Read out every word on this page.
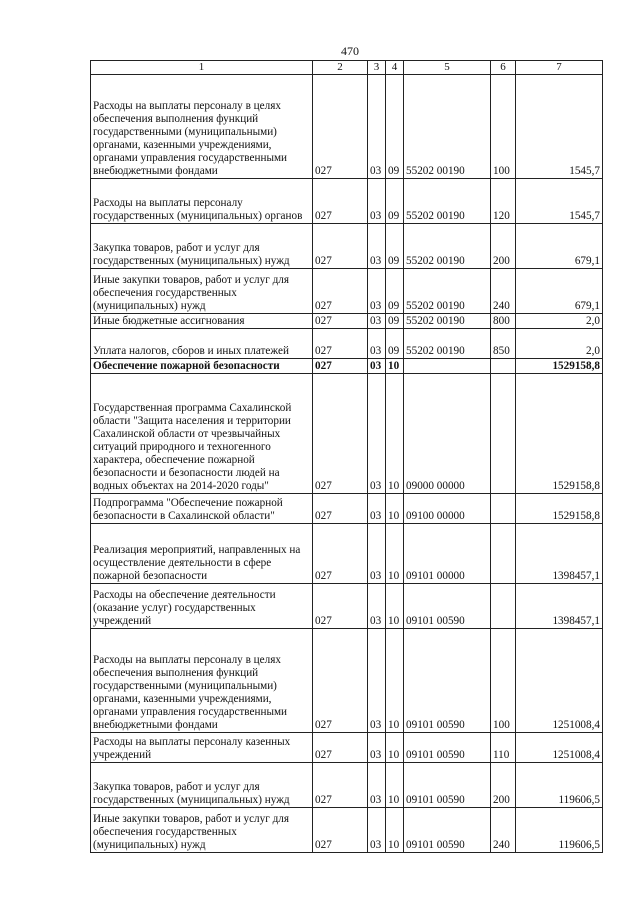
470
1	2	3	4	5	6	7

Расходы на выплаты персоналу в целях обеспечения выполнения функций государственными (муниципальными) органами, казенными учреждениями, органами управления государственными внебюджетными фондами	027	03	09	55202 00190	100	1545,7

Расходы на выплаты персоналу государственных (муниципальных) органов	027	03	09	55202 00190	120	1545,7

Закупка товаров, работ и услуг для государственных (муниципальных) нужд	027	03	09	55202 00190	200	679,1

Иные закупки товаров, работ и услуг для обеспечения государственных (муниципальных) нужд	027	03	09	55202 00190	240	679,1

Иные бюджетные ассигнования	027	03	09	55202 00190	800	2,0

Уплата налогов, сборов и иных платежей	027	03	09	55202 00190	850	2,0

Обеспечение пожарной безопасности	027	03	10			1529158,8

Государственная программа Сахалинской области "Защита населения и территории Сахалинской области от чрезвычайных ситуаций природного и техногенного характера, обеспечение пожарной безопасности и безопасности людей на водных объектах на 2014-2020 годы"	027	03	10	09000 00000		1529158,8

Подпрограмма "Обеспечение пожарной безопасности в Сахалинской области"	027	03	10	09100 00000		1529158,8

Реализация мероприятий, направленных на осуществление деятельности в сфере пожарной безопасности	027	03	10	09101 00000		1398457,1

Расходы на обеспечение деятельности (оказание услуг) государственных учреждений	027	03	10	09101 00590		1398457,1

Расходы на выплаты персоналу в целях обеспечения выполнения функций государственными (муниципальными) органами, казенными учреждениями, органами управления государственными внебюджетными фондами	027	03	10	09101 00590	100	1251008,4

Расходы на выплаты персоналу казенных учреждений	027	03	10	09101 00590	110	1251008,4

Закупка товаров, работ и услуг для государственных (муниципальных) нужд	027	03	10	09101 00590	200	119606,5

Иные закупки товаров, работ и услуг для обеспечения государственных (муниципальных) нужд	027	03	10	09101 00590	240	119606,5
